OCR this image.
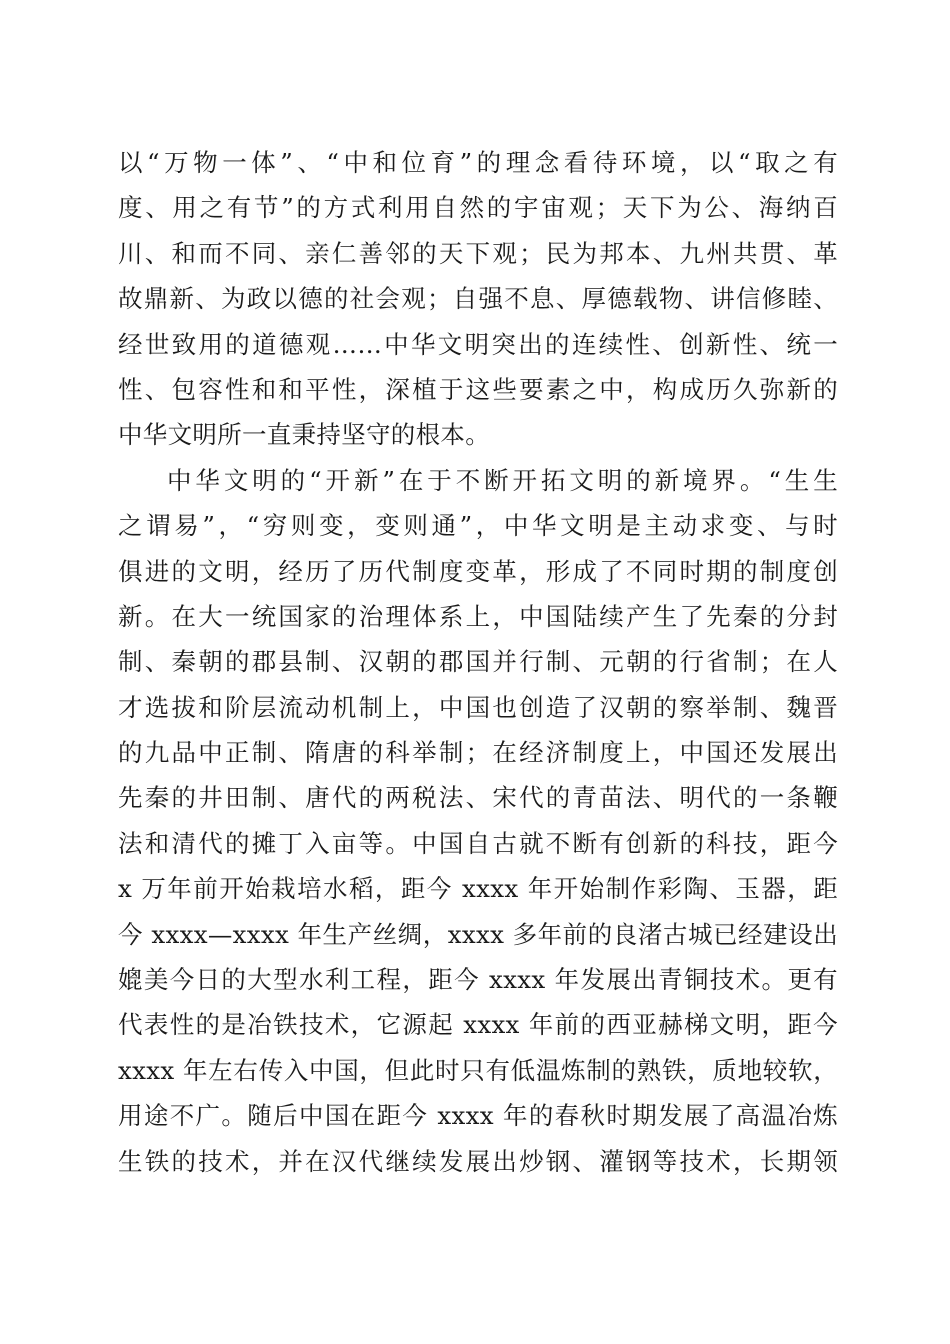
以“万物一体”、“中和位育”的理念看待环境，以“取之有
度、用之有节”的方式利用自然的宇宙观；天下为公、海纳百
川、和而不同、亲仁善邻的天下观；民为邦本、九州共贯、革
故鼎新、为政以德的社会观；自强不息、厚德载物、讲信修睦、
经世致用的道德观……中华文明突出的连续性、创新性、统一
性、包容性和和平性，深植于这些要素之中，构成历久弥新的
中华文明所一直秉持坚守的根本。
中华文明的“开新”在于不断开拓文明的新境界。“生生
之谓易”，“穷则变，变则通”，中华文明是主动求变、与时
俱进的文明，经历了历代制度变革，形成了不同时期的制度创
新。在大一统国家的治理体系上，中国陆续产生了先秦的分封
制、秦朝的郡县制、汉朝的郡国并行制、元朝的行省制；在人
才选拔和阶层流动机制上，中国也创造了汉朝的察举制、魏晋
的九品中正制、隋唐的科举制；在经济制度上，中国还发展出
先秦的井田制、唐代的两税法、宋代的青苗法、明代的一条鞭
法和清代的摊丁入亩等。中国自古就不断有创新的科技，距今
x 万年前开始栽培水稻，距今 xxxx 年开始制作彩陶、玉器，距
今 xxxx—xxxx 年生产丝绸，xxxx 多年前的良渚古城已经建设出
媲美今日的大型水利工程，距今 xxxx 年发展出青铜技术。更有
代表性的是冶铁技术，它源起 xxxx 年前的西亚赫梯文明，距今
xxxx 年左右传入中国，但此时只有低温炼制的熟铁，质地较软，
用途不广。随后中国在距今 xxxx 年的春秋时期发展了高温冶炼
生铁的技术，并在汉代继续发展出炒钢、灌钢等技术，长期领
